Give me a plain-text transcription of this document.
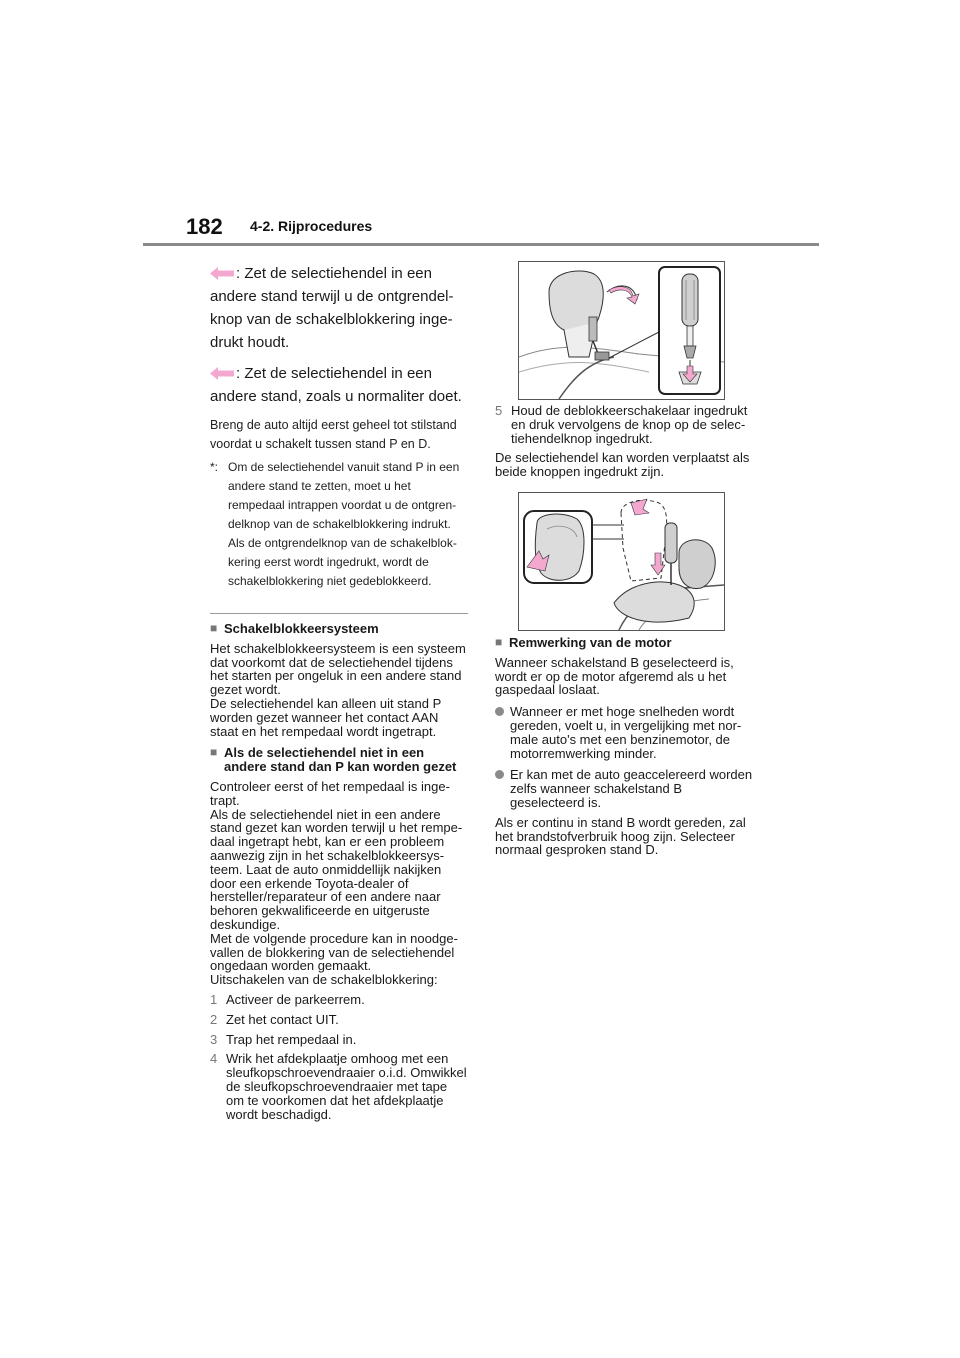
182 4-2. Rijprocedures
: Zet de selectiehendel in een andere stand terwijl u de ontgrendelknop van de schakelblokkering ingedrukt houdt.
: Zet de selectiehendel in een andere stand, zoals u normaliter doet.
Breng de auto altijd eerst geheel tot stilstand voordat u schakelt tussen stand P en D.
*: Om de selectiehendel vanuit stand P in een andere stand te zetten, moet u het rempedaal intrappen voordat u de ontgrendelknop van de schakelblokkering indrukt. Als de ontgrendelknop van de schakelblokkering eerst wordt ingedrukt, wordt de schakelblokkering niet gedeblokkeerd.
■ Schakelblokkeersysteem

Het schakelblokkeersysteem is een systeem dat voorkomt dat de selectiehendel tijdens het starten per ongeluk in een andere stand gezet wordt.

De selectiehendel kan alleen uit stand P worden gezet wanneer het contact AAN staat en het rempedaal wordt ingetrapt.

■ Als de selectiehendel niet in een andere stand dan P kan worden gezet

Controleer eerst of het rempedaal is ingetrapt.

Als de selectiehendel niet in een andere stand gezet kan worden terwijl u het rempedaal ingetrapt hebt, kan er een probleem aanwezig zijn in het schakelblokkeersysteem. Laat de auto onmiddellijk nakijken door een erkende Toyota-dealer of hersteller/reparateur of een andere naar behoren gekwalificeerde en uitgeruste deskundige.

Met de volgende procedure kan in noodgevallen de blokkering van de selectiehendel ongedaan worden gemaakt.

Uitschakelen van de schakelblokkering:

1 Activeer de parkeerrem.
2 Zet het contact UIT.
3 Trap het rempedaal in.
4 Wrik het afdekplaatje omhoog met een sleufkopschroevendraaier o.i.d. Omwikkel de sleufkopschroevendraaier met tape om te voorkomen dat het afdekplaatje wordt beschadigd.
5 Houd de deblokkeerschakelaar ingedrukt en druk vervolgens de knop op de selectiehendelknop ingedrukt.

De selectiehendel kan worden verplaatst als beide knoppen ingedrukt zijn.

■ Remwerking van de motor

Wanneer schakelstand B geselecteerd is, wordt er op de motor afgeremd als u het gaspedaal loslaat.

Wanneer er met hoge snelheden wordt gereden, voelt u, in vergelijking met normale auto's met een benzinemotor, de motorremwerking minder.
Er kan met de auto geaccelereerd worden zelfs wanneer schakelstand B geselecteerd is.

Als er continu in stand B wordt gereden, zal het brandstofverbruik hoog zijn. Selecteer normaal gesproken stand D.
